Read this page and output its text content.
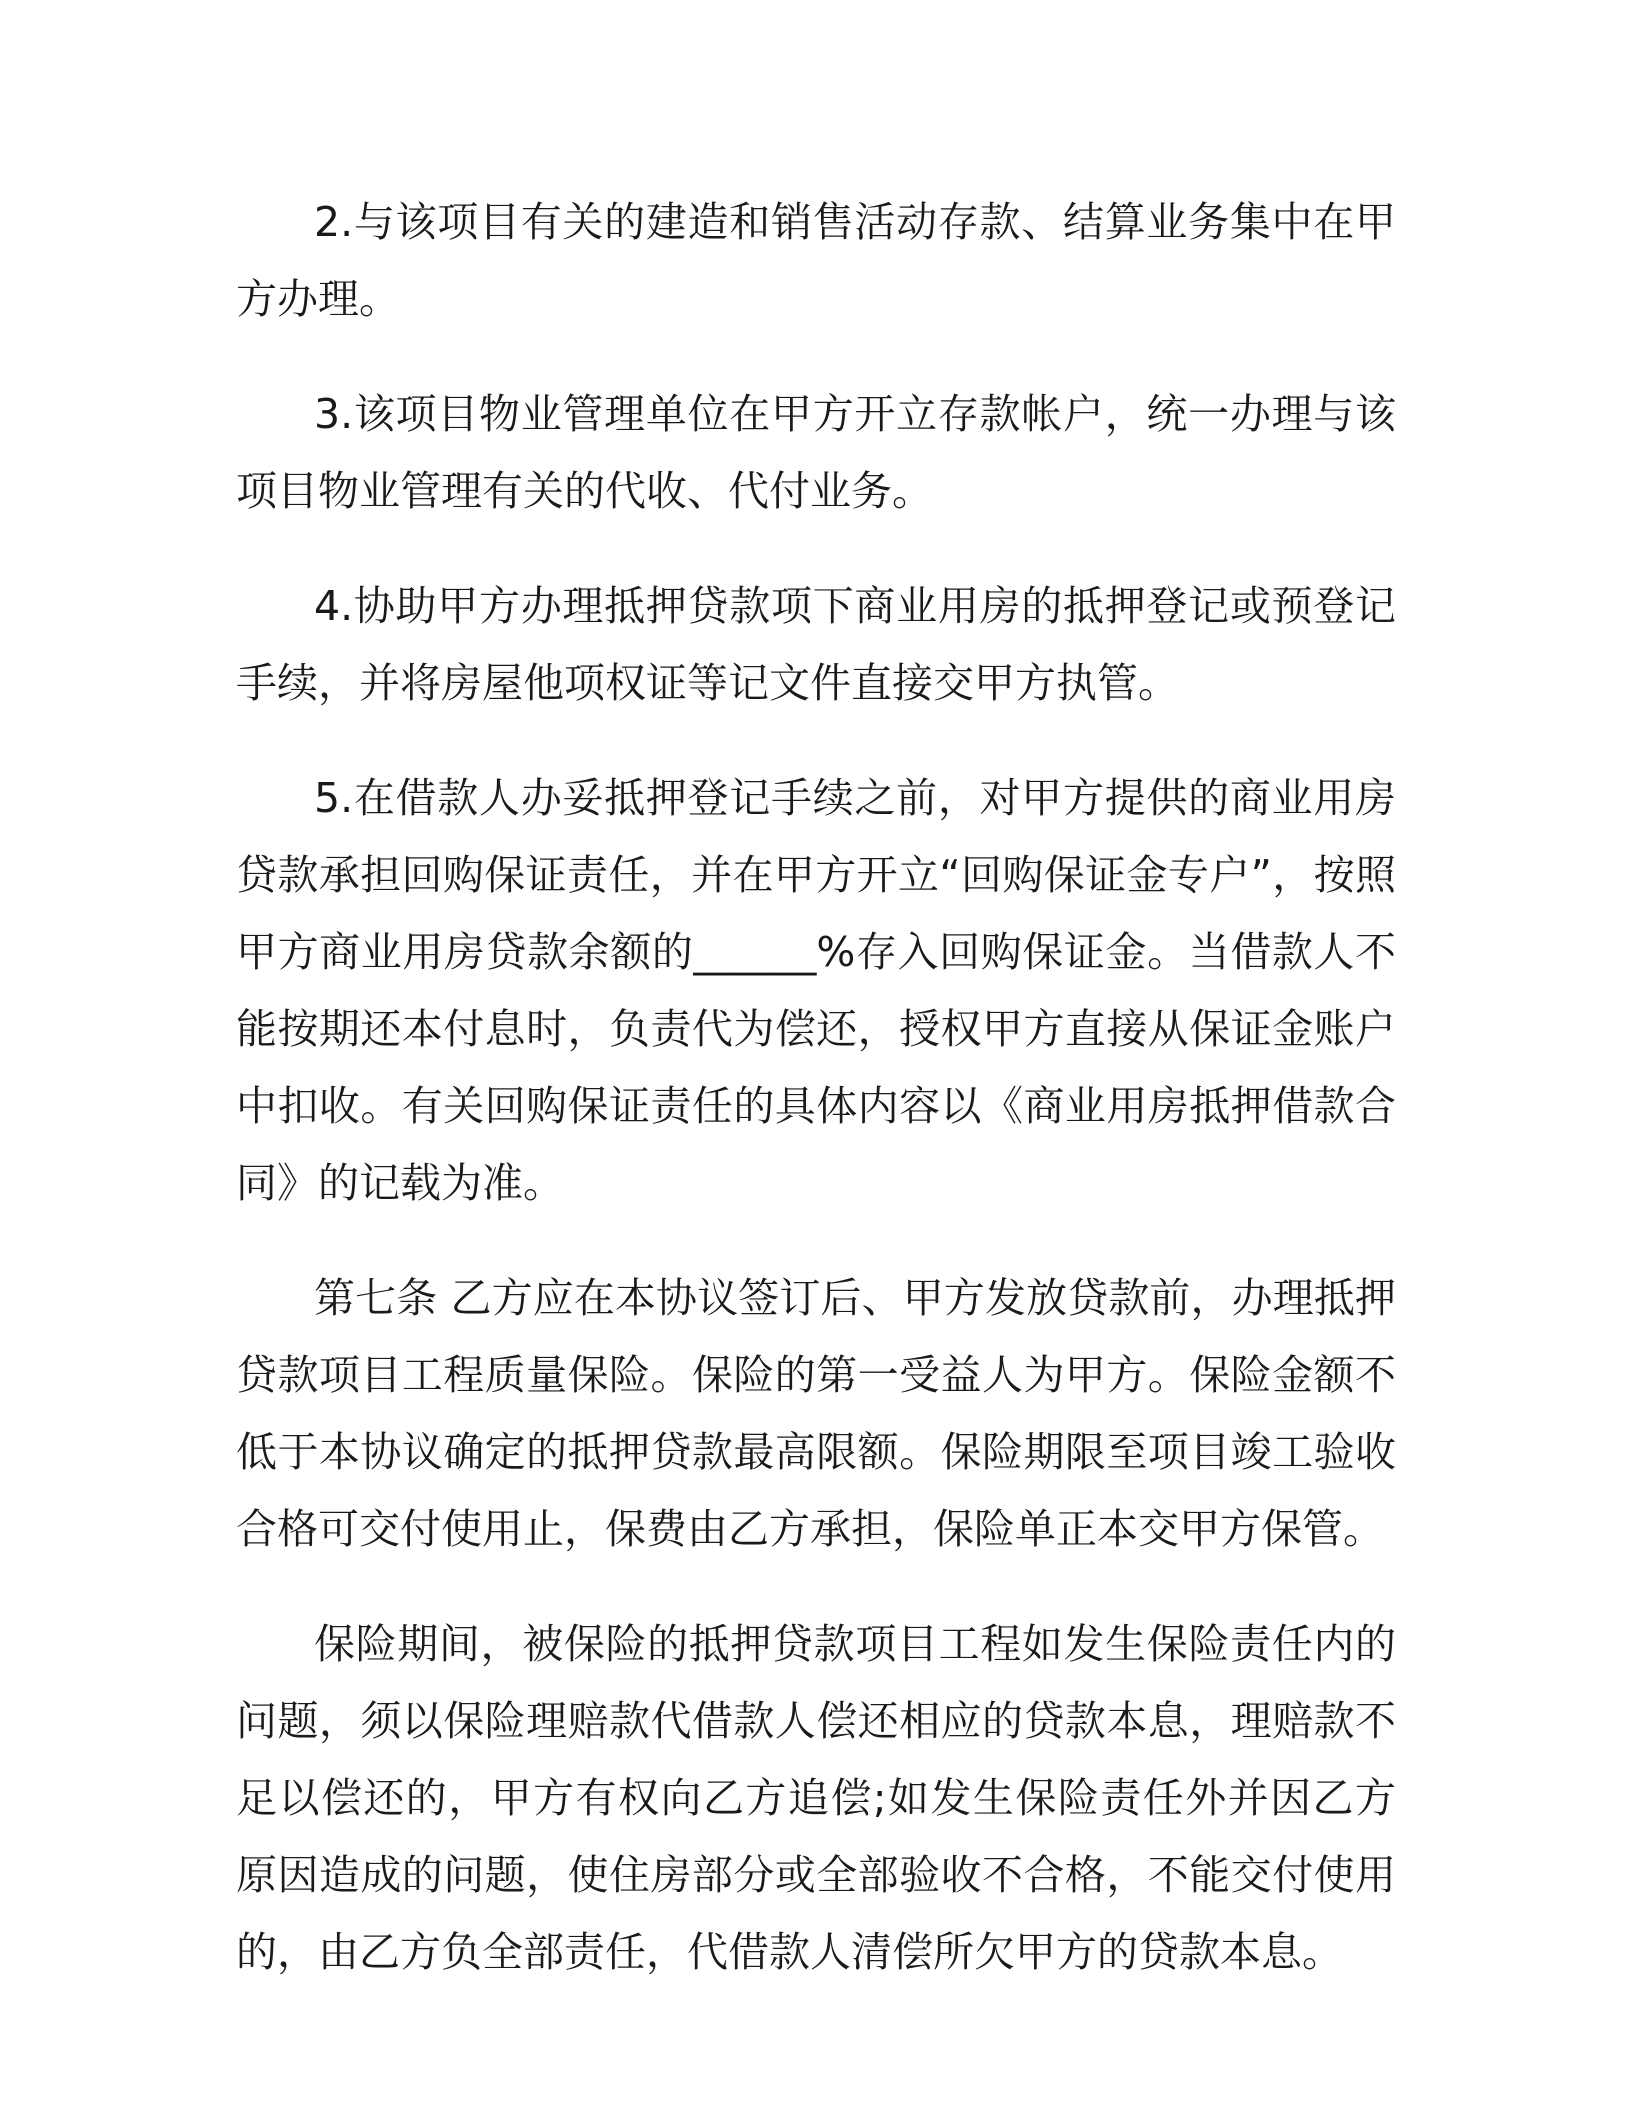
2.与该项目有关的建造和销售活动存款、结算业务集中在甲方办理。

3.该项目物业管理单位在甲方开立存款帐户，统一办理与该项目物业管理有关的代收、代付业务。

4.协助甲方办理抵押贷款项下商业用房的抵押登记或预登记手续，并将房屋他项权证等记文件直接交甲方执管。

5.在借款人办妥抵押登记手续之前，对甲方提供的商业用房贷款承担回购保证责任，并在甲方开立“回购保证金专户”，按照甲方商业用房贷款余额的______%存入回购保证金。当借款人不能按期还本付息时，负责代为偿还，授权甲方直接从保证金账户中扣收。有关回购保证责任的具体内容以《商业用房抵押借款合同》的记载为准。

第七条 乙方应在本协议签订后、甲方发放贷款前，办理抵押贷款项目工程质量保险。保险的第一受益人为甲方。保险金额不低于本协议确定的抵押贷款最高限额。保险期限至项目竣工验收合格可交付使用止，保费由乙方承担，保险单正本交甲方保管。

保险期间，被保险的抵押贷款项目工程如发生保险责任内的问题，须以保险理赔款代借款人偿还相应的贷款本息，理赔款不足以偿还的，甲方有权向乙方追偿;如发生保险责任外并因乙方原因造成的问题，使住房部分或全部验收不合格，不能交付使用的，由乙方负全部责任，代借款人清偿所欠甲方的贷款本息。
